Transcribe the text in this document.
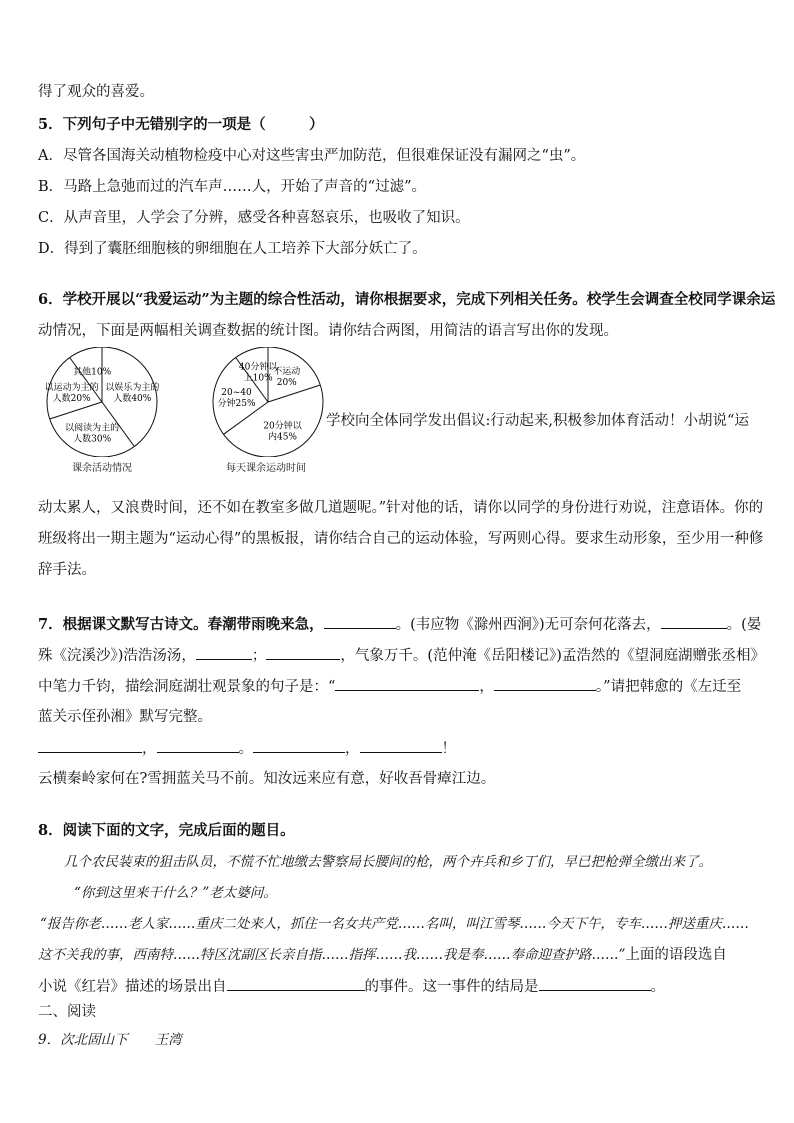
得了观众的喜爱。
5．下列句子中无错别字的一项是（　　　）
A．尽管各国海关动植物检疫中心对这些害虫严加防范，但很难保证没有漏网之“虫”。
B．马路上急弛而过的汽车声……人，开始了声音的“过滤”。
C．从声音里，人学会了分辨，感受各种喜怒哀乐，也吸收了知识。
D．得到了囊胚细胞核的卵细胞在人工培养下大部分妖亡了。
6．学校开展以“我爱运动”为主题的综合性活动，请你根据要求，完成下列相关任务。校学生会调查全校同学课余运
动情况，下面是两幅相关调查数据的统计图。请你结合两图，用简洁的语言写出你的发现。
其他10%
以娱乐为主的人数40%
以阅读为主的人数30%
以运动为主的人数20%
不运动 20%
20分钟以内45%
20~40 分钟25%
40分钟以上10%
课余活动情况	每天课余运动时间
学校向全体同学发出倡议:行动起来,积极参加体育活动！小胡说“运
动太累人，又浪费时间，还不如在教室多做几道题呢。”针对他的话，请你以同学的身份进行劝说，注意语体。你的
班级将出一期主题为“运动心得”的黑板报，请你结合自己的运动体验，写两则心得。要求生动形象，至少用一种修
辞手法。
7．根据课文默写古诗文。春潮带雨晚来急，	。(韦应物《滁州西涧》)无可奈何花落去，	。(晏
殊《浣溪沙》)浩浩汤汤，	；	，气象万千。(范仲淹《岳阳楼记》)孟浩然的《望洞庭湖赠张丞相》
中笔力千钧，描绘洞庭湖壮观景象的句子是：“	，	。”请把韩愈的《左迁至
蓝关示侄孙湘》默写完整。
，	。	，	！
云横秦岭家何在?雪拥蓝关马不前。知汝远来应有意，好收吾骨瘴江边。
8．阅读下面的文字，完成后面的题目。
几个农民装束的狙击队员，不慌不忙地缴去警察局长腰间的枪，两个卉兵和乡丁们，早已把枪弹全缴出来了。
“你到这里来干什么？”老太婆问。
“报告你老……老人家……重庆二处来人，抓住一名女共产党……名叫，叫江雪琴……今天下午，专车……押送重庆……
这不关我的事，西南特……特区沈副区长亲自指……指挥……我……我是奉……奉命迎查护路……”上面的语段选自
小说《红岩》描述的场景出自	的事件。这一事件的结局是	。
二、阅读
9．次北固山下　　王湾
